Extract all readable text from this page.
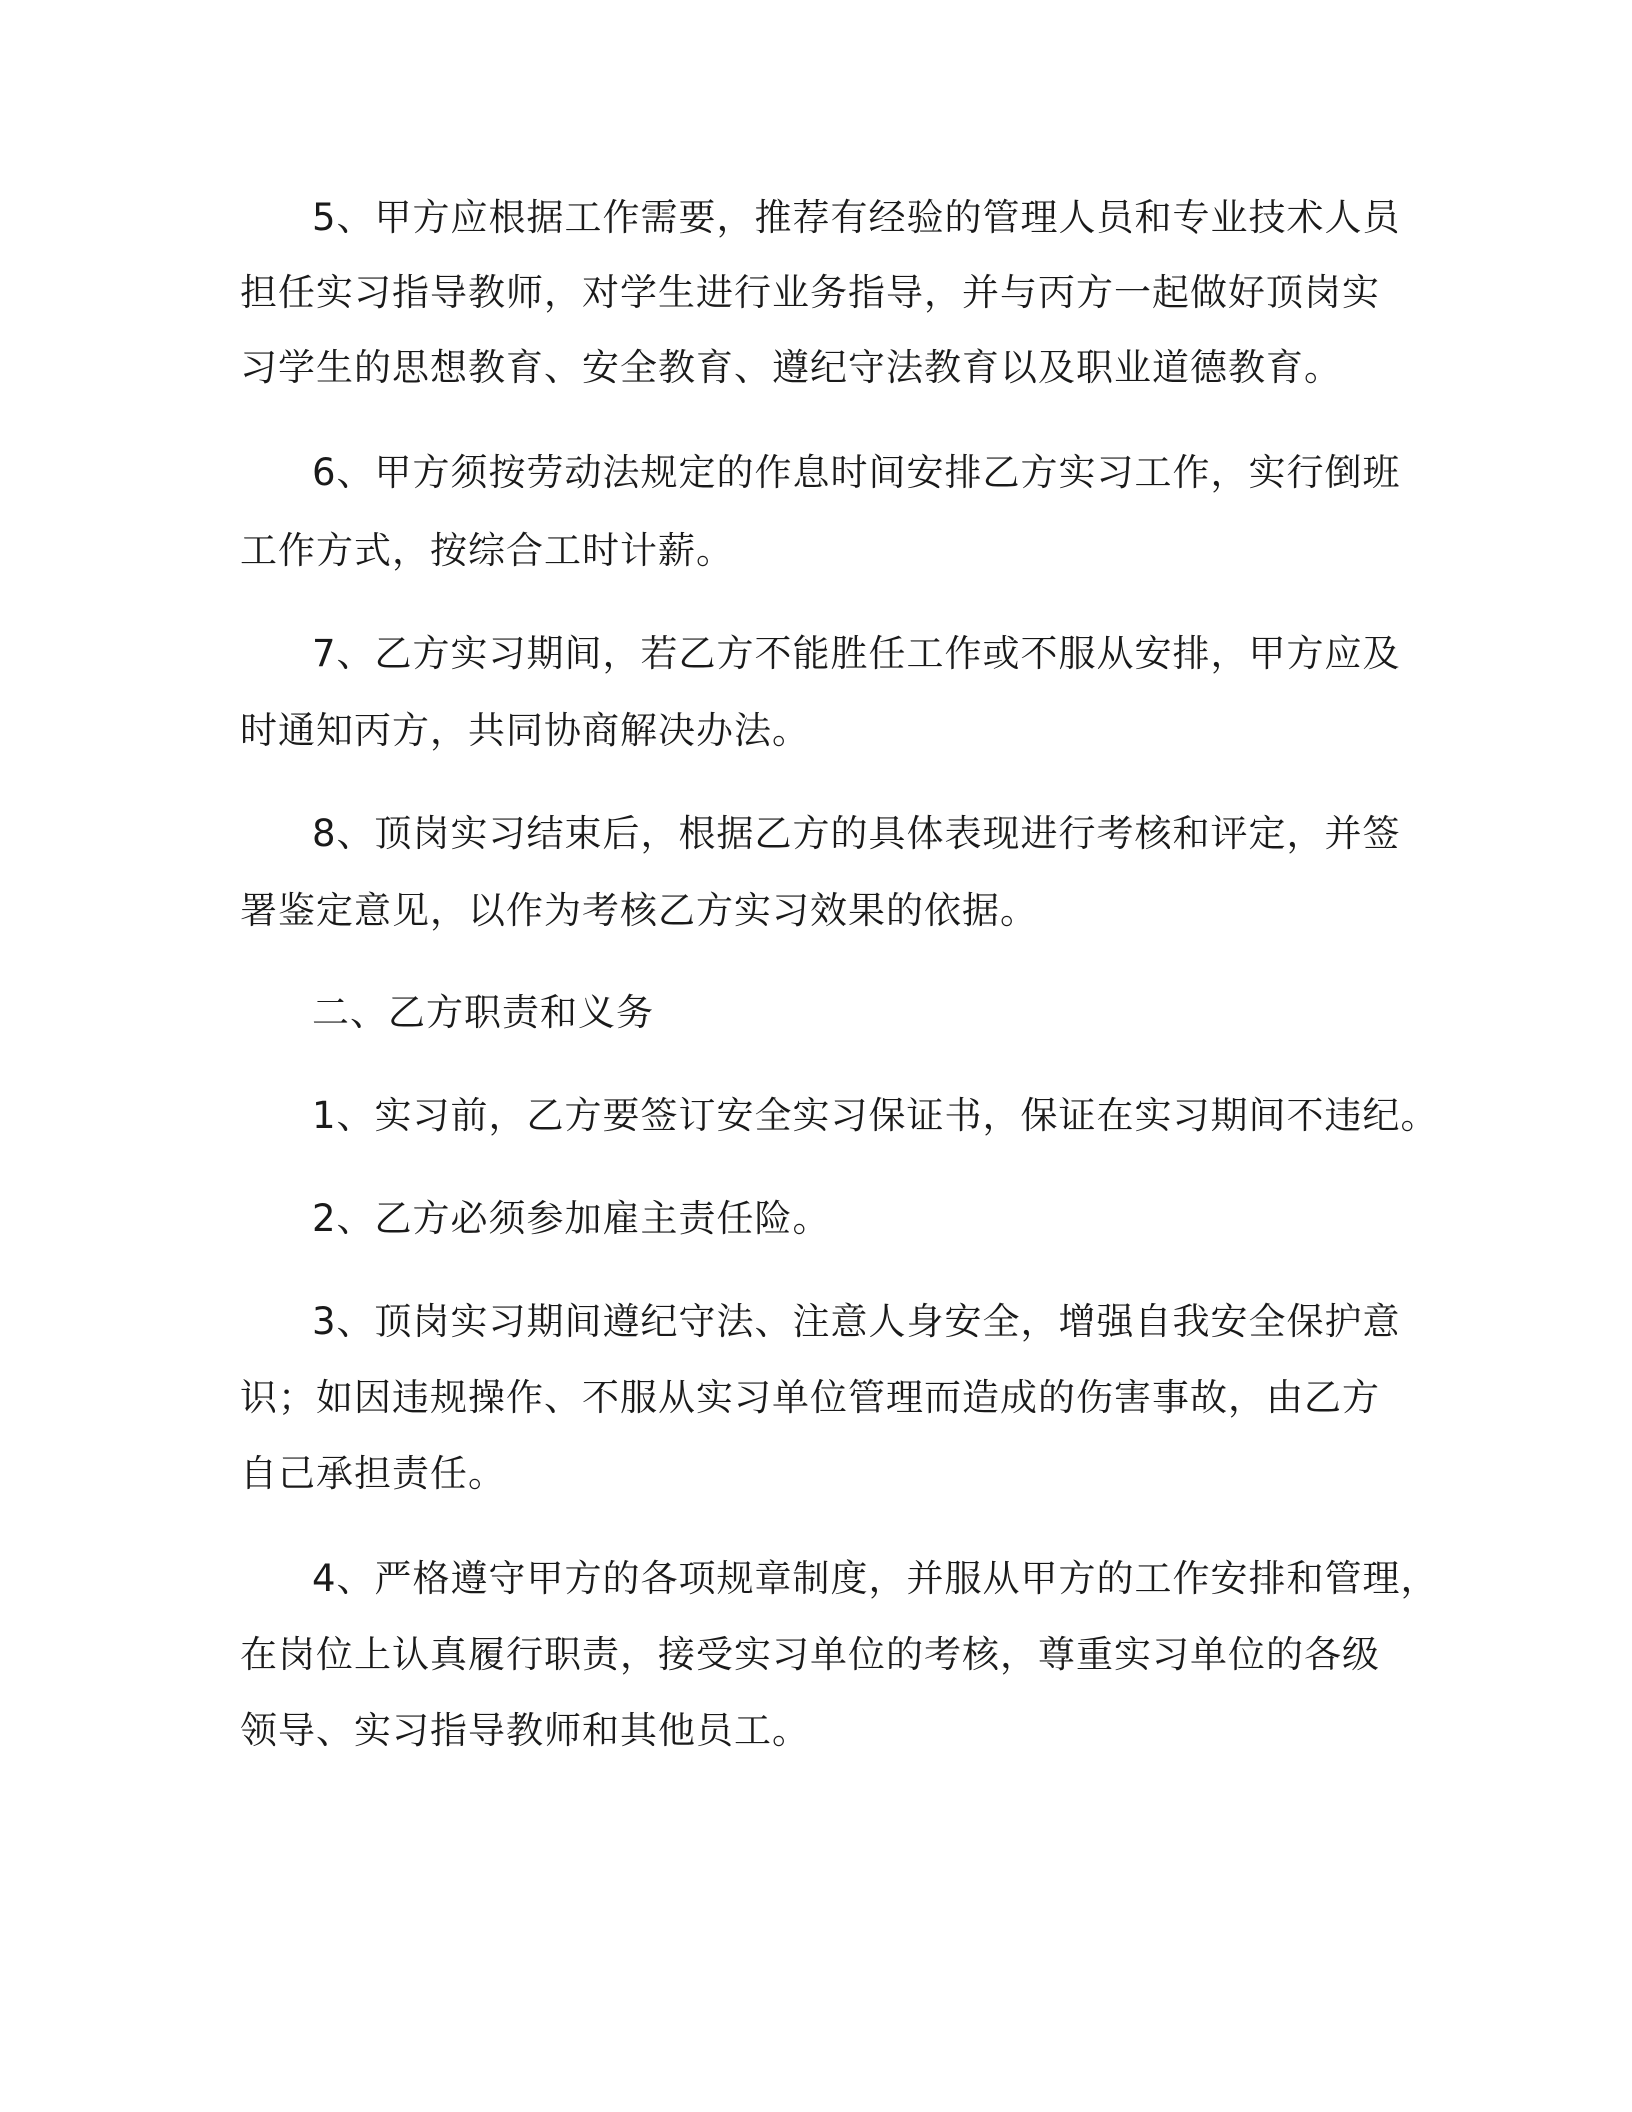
5、甲方应根据工作需要，推荐有经验的管理人员和专业技术人员
担任实习指导教师，对学生进行业务指导，并与丙方一起做好顶岗实
习学生的思想教育、安全教育、遵纪守法教育以及职业道德教育。
6、甲方须按劳动法规定的作息时间安排乙方实习工作，实行倒班
工作方式，按综合工时计薪。
7、乙方实习期间，若乙方不能胜任工作或不服从安排，甲方应及
时通知丙方，共同协商解决办法。
8、顶岗实习结束后，根据乙方的具体表现进行考核和评定，并签
署鉴定意见，以作为考核乙方实习效果的依据。
二、乙方职责和义务
1、实习前，乙方要签订安全实习保证书，保证在实习期间不违纪。
2、乙方必须参加雇主责任险。
3、顶岗实习期间遵纪守法、注意人身安全，增强自我安全保护意
识；如因违规操作、不服从实习单位管理而造成的伤害事故，由乙方
自己承担责任。
4、严格遵守甲方的各项规章制度，并服从甲方的工作安排和管理，
在岗位上认真履行职责，接受实习单位的考核，尊重实习单位的各级
领导、实习指导教师和其他员工。
